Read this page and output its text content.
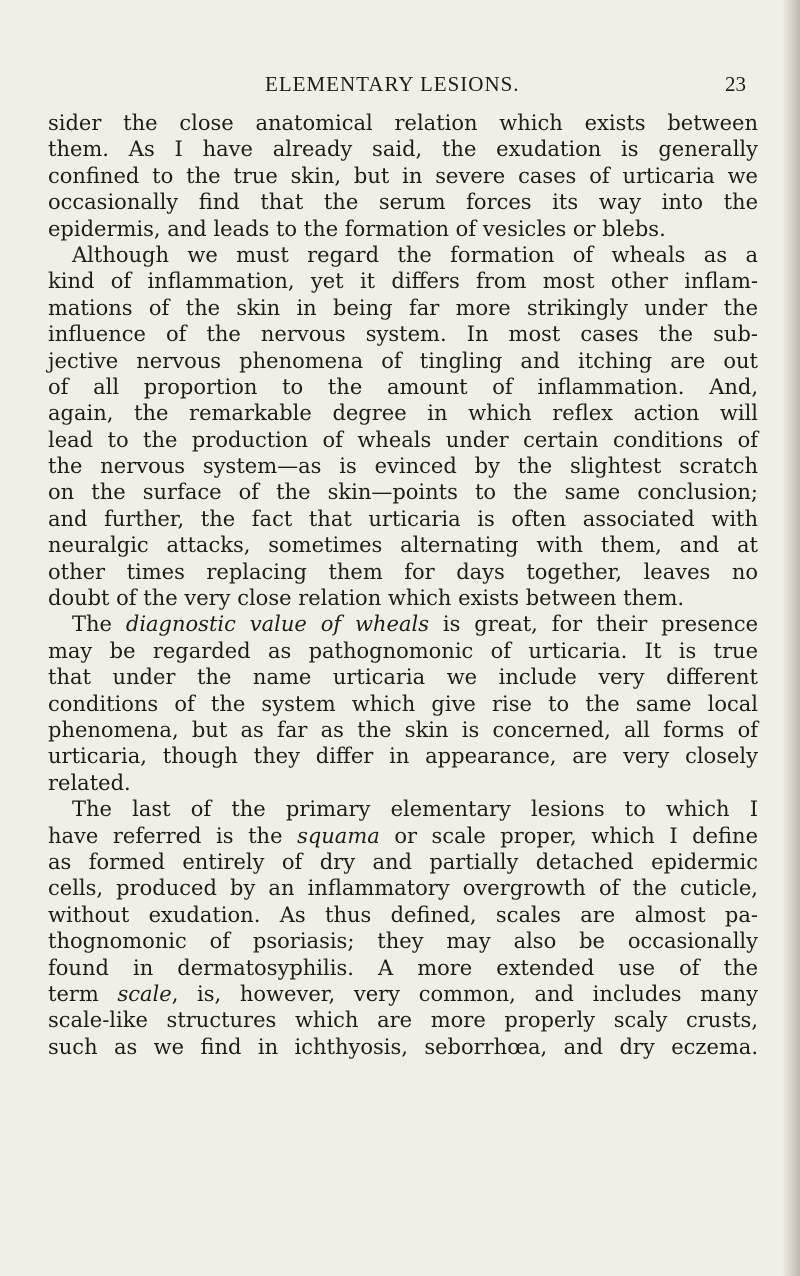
ELEMENTARY LESIONS.	23
sider the close anatomical relation which exists between
them. As I have already said, the exudation is generally
confined to the true skin, but in severe cases of urticaria we
occasionally find that the serum forces its way into the
epidermis, and leads to the formation of vesicles or blebs.
Although we must regard the formation of wheals as a
kind of inflammation, yet it differs from most other inflam-
mations of the skin in being far more strikingly under the
influence of the nervous system. In most cases the sub-
jective nervous phenomena of tingling and itching are out
of all proportion to the amount of inflammation. And,
again, the remarkable degree in which reflex action will
lead to the production of wheals under certain conditions of
the nervous system—as is evinced by the slightest scratch
on the surface of the skin—points to the same conclusion;
and further, the fact that urticaria is often associated with
neuralgic attacks, sometimes alternating with them, and at
other times replacing them for days together, leaves no
doubt of the very close relation which exists between them.
The diagnostic value of wheals is great, for their presence
may be regarded as pathognomonic of urticaria. It is true
that under the name urticaria we include very different
conditions of the system which give rise to the same local
phenomena, but as far as the skin is concerned, all forms of
urticaria, though they differ in appearance, are very closely
related.
The last of the primary elementary lesions to which I
have referred is the squama or scale proper, which I define
as formed entirely of dry and partially detached epidermic
cells, produced by an inflammatory overgrowth of the cuticle,
without exudation. As thus defined, scales are almost pa-
thognomonic of psoriasis; they may also be occasionally
found in dermatosyphilis. A more extended use of the
term scale, is, however, very common, and includes many
scale-like structures which are more properly scaly crusts,
such as we find in ichthyosis, seborrhœa, and dry eczema.
